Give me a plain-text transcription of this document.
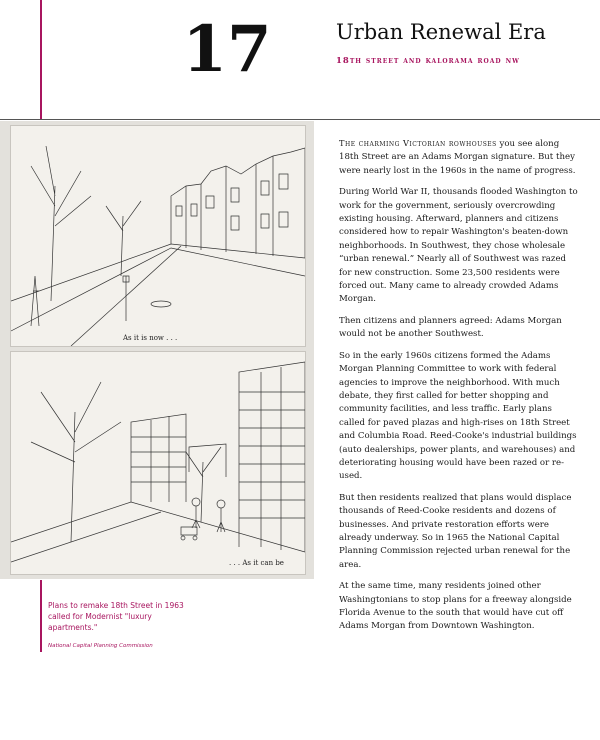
17	Urban Renewal Era
18th street and kalorama road nw
As it is now . . .
. . . As it can be
Plans to remake 18th Street in 1963 called for Modernist "luxury apartments."
National Capital Planning Commission

The charming Victorian rowhouses you see along 18th Street are an Adams Morgan signature. But they were nearly lost in the 1960s in the name of progress.

During World War II, thousands flooded Washington to work for the government, seriously overcrowding existing housing. Afterward, planners and citizens considered how to repair Washington's beaten-down neighborhoods. In Southwest, they chose wholesale “urban renewal.” Nearly all of Southwest was razed for new construction. Some 23,500 residents were forced out. Many came to already crowded Adams Morgan.

Then citizens and planners agreed: Adams Morgan would not be another Southwest.

So in the early 1960s citizens formed the Adams Morgan Planning Committee to work with federal agencies to improve the neighborhood. With much debate, they first called for better shopping and community facilities, and less traffic. Early plans called for paved plazas and high-rises on 18th Street and Columbia Road. Reed-Cooke's industrial buildings (auto dealerships, power plants, and warehouses) and deteriorating housing would have been razed or re-used.

But then residents realized that plans would displace thousands of Reed-Cooke residents and dozens of businesses. And private restoration efforts were already underway. So in 1965 the National Capital Planning Commission rejected urban renewal for the area.

At the same time, many residents joined other Washingtonians to stop plans for a freeway alongside Florida Avenue to the south that would have cut off Adams Morgan from Downtown Washington.
